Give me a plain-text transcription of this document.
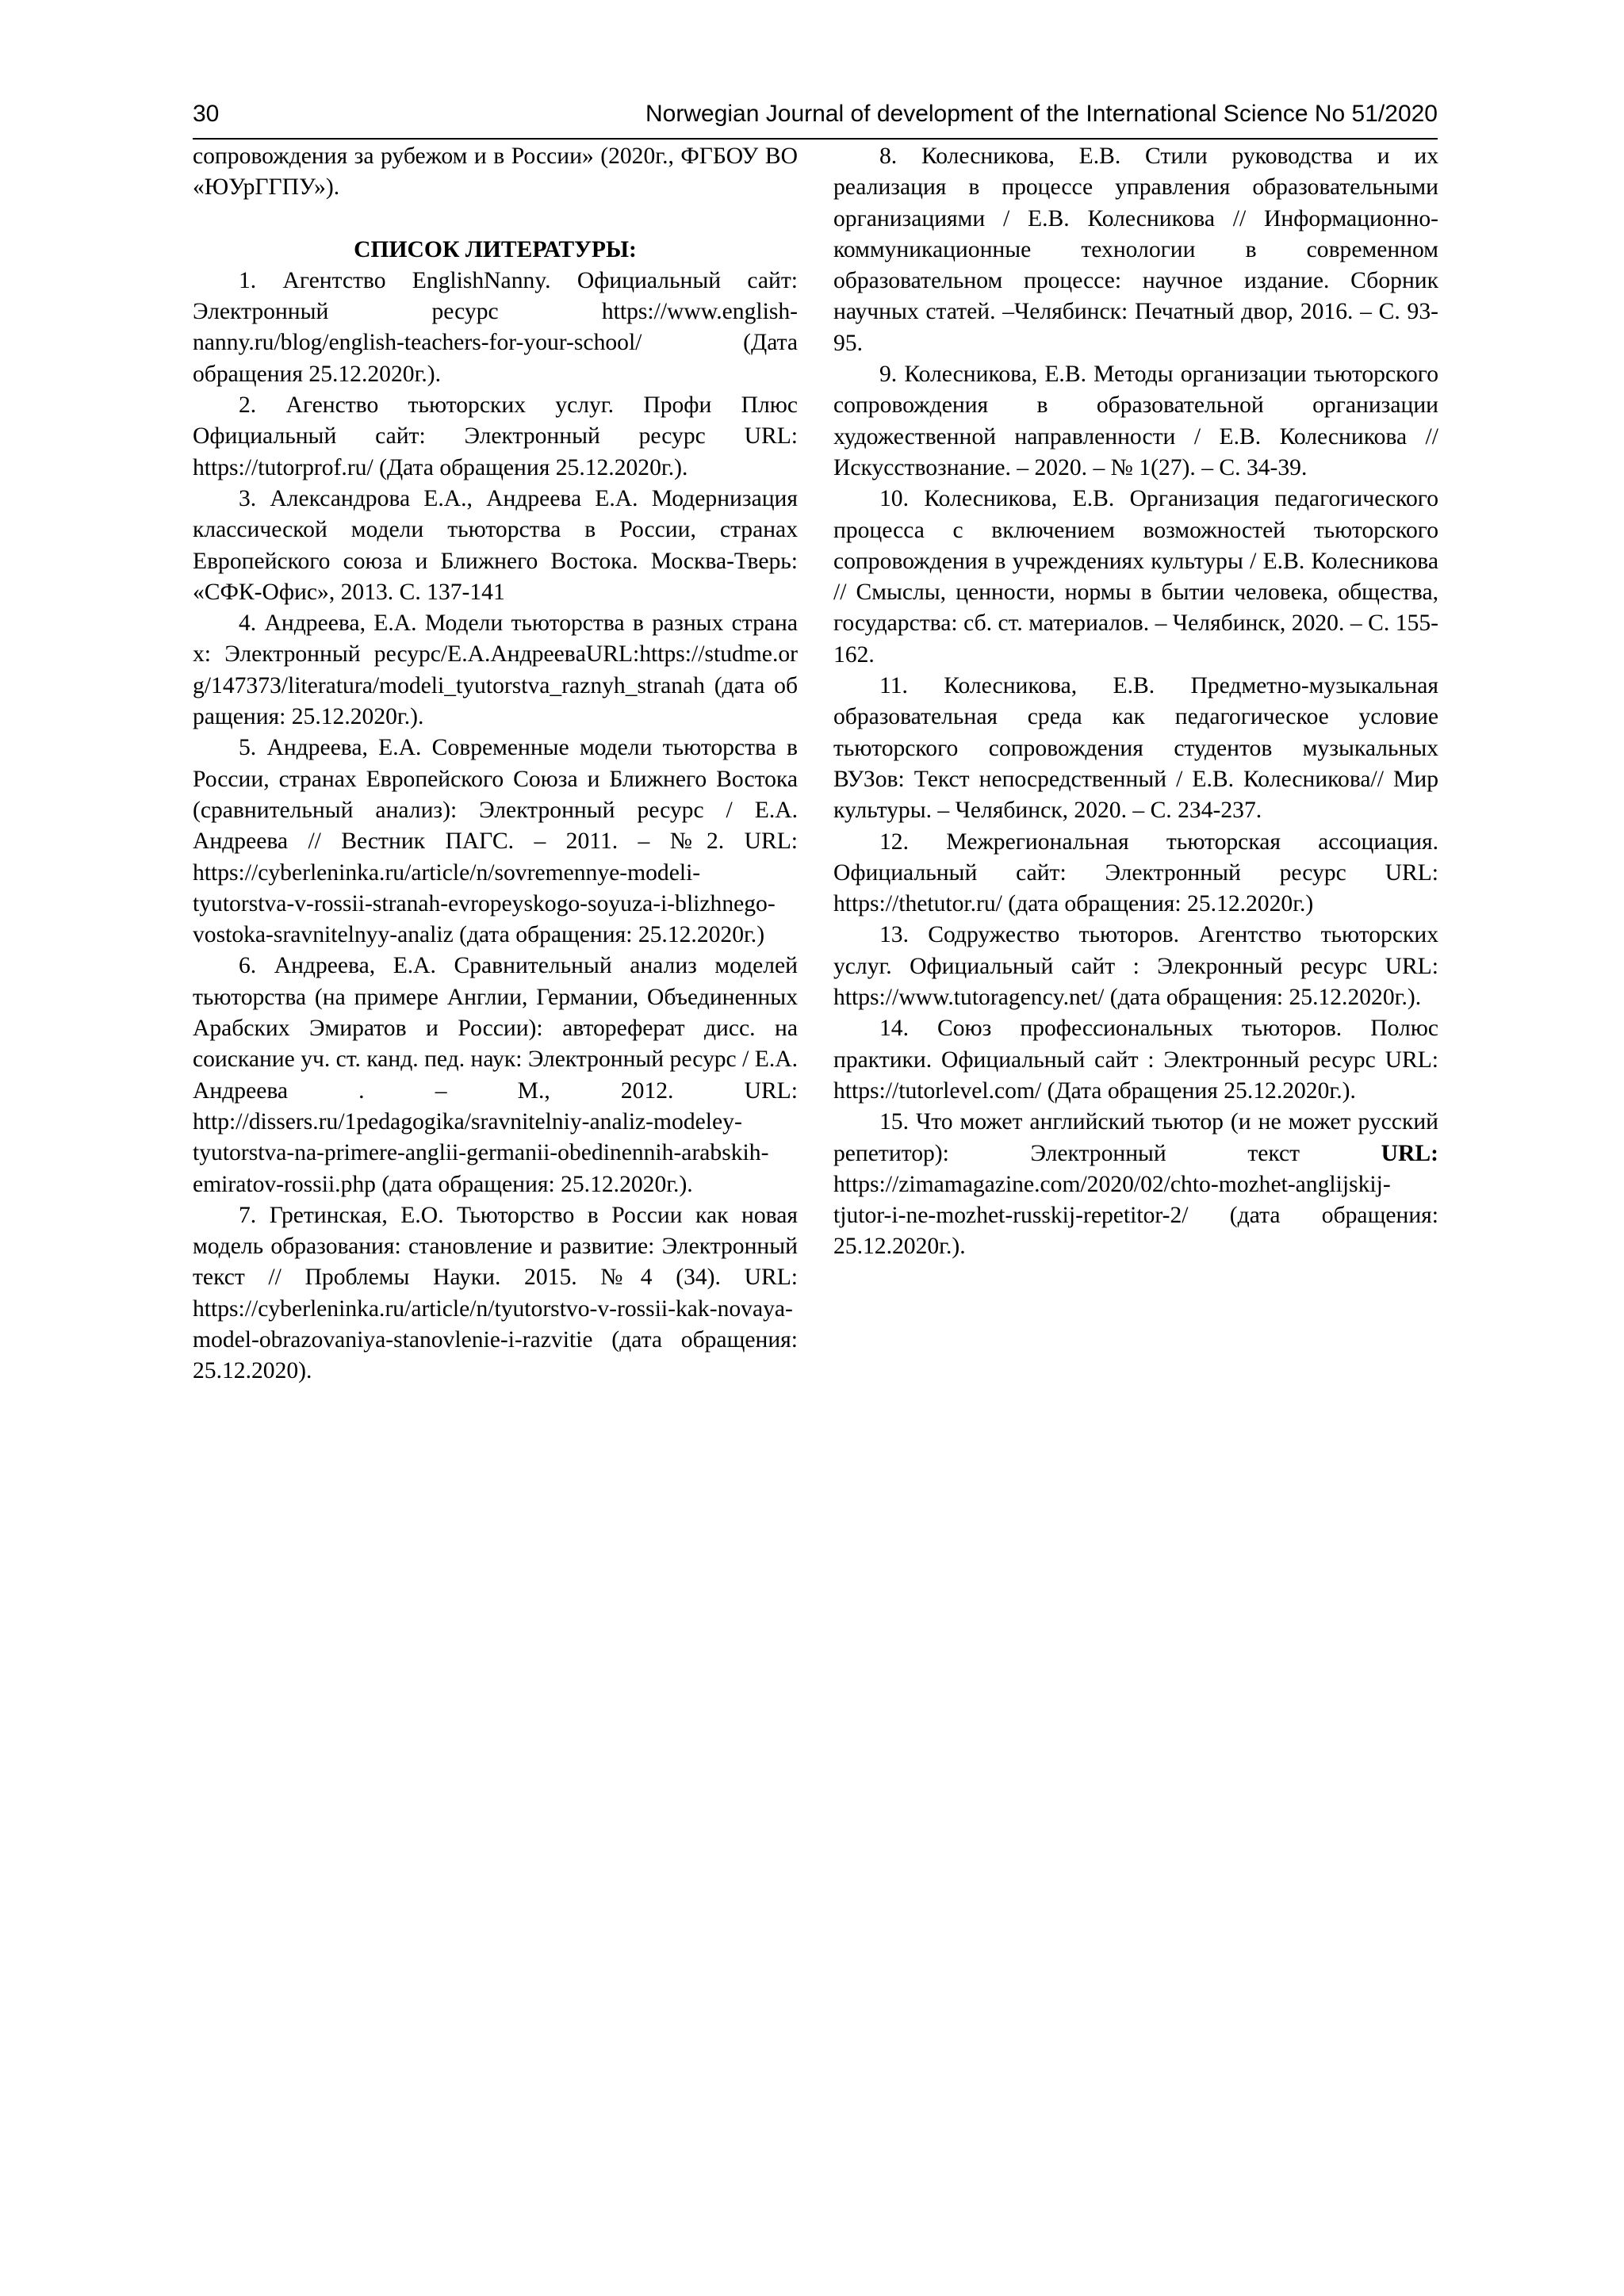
30	Norwegian Journal of development of the International Science No 51/2020

сопровождения за рубежом и в России» (2020г., ФГБОУ ВО «ЮУрГГПУ»).

СПИСОК ЛИТЕРАТУРЫ:

1. Агентство EnglishNanny. Официальный сайт: Электронный ресурс https://www.english-nanny.ru/blog/english-teachers-for-your-school/ (Дата обращения 25.12.2020г.).

2. Агенство тьюторских услуг. Профи Плюс Официальный сайт: Электронный ресурс URL: https://tutorprof.ru/ (Дата обращения 25.12.2020г.).

3. Александрова Е.А., Андреева Е.А. Модернизация классической модели тьюторства в России, странах Европейского союза и Ближнего Востока. Москва-Тверь: «СФК-Офис», 2013. С. 137-141

4. Андреева, Е.А. Модели тьюторства в разных странах: Электронный ресурс/Е.А.АндреевaURL:https://studme.org/147373/literatura/modeli_tyutorstva_raznyh_stranah (дата обращения: 25.12.2020г.).

5. Андреева, Е.А. Современные модели тьюторства в России, странах Европейского Союза и Ближнего Востока (сравнительный анализ): Электронный ресурс / Е.А. Андреева // Вестник ПАГС. – 2011. – №2. URL: https://cyberleninka.ru/article/n/sovremennye-modeli-tyutorstva-v-rossii-stranah-evropeyskogo-soyuza-i-blizhnego-vostoka-sravnitelnyy-analiz (дата обращения: 25.12.2020г.)

6. Андреева, Е.А. Сравнительный анализ моделей тьюторства (на примере Англии, Германии, Объединенных Арабских Эмиратов и России): автореферат дисс. на соискание уч. ст. канд. пед. наук: Электронный ресурс / Е.А. Андреева . – М., 2012. URL: http://dissers.ru/1pedagogika/sravnitelniy-analiz-modeley-tyutorstva-na-primere-anglii-germanii-obedinennih-arabskih-emiratov-rossii.php (дата обращения: 25.12.2020г.).

7. Гретинская, Е.О. Тьюторство в России как новая модель образования: становление и развитие: Электронный текст // Проблемы Науки. 2015. №4 (34). URL: https://cyberleninka.ru/article/n/tyutorstvo-v-rossii-kak-novaya-model-obrazovaniya-stanovlenie-i-razvitie (дата обращения: 25.12.2020).

8. Колесникова, Е.В. Стили руководства и их реализация в процессе управления образовательными организациями / Е.В. Колесникова // Информационно-коммуникационные технологии в современном образовательном процессе: научное издание. Сборник научных статей. –Челябинск: Печатный двор, 2016. – С. 93-95.

9. Колесникова, Е.В. Методы организации тьюторского сопровождения в образовательной организации художественной направленности / Е.В. Колесникова // Искусствознание. – 2020. – № 1(27). – С. 34-39.

10. Колесникова, Е.В. Организация педагогического процесса с включением возможностей тьюторского сопровождения в учреждениях культуры / Е.В. Колесникова // Смыслы, ценности, нормы в бытии человека, общества, государства: сб. ст. материалов. – Челябинск, 2020. – С. 155-162.

11. Колесникова, Е.В. Предметно-музыкальная образовательная среда как педагогическое условие тьюторского сопровождения студентов музыкальных ВУЗов: Текст непосредственный / Е.В. Колесникова// Мир культуры. – Челябинск, 2020. – С. 234-237.

12. Межрегиональная тьюторская ассоциация. Официальный сайт: Электронный ресурс URL: https://thetutor.ru/ (дата обращения: 25.12.2020г.)

13. Содружество тьюторов. Агентство тьюторских услуг. Официальный сайт : Элекронный ресурс URL: https://www.tutoragency.net/ (дата обращения: 25.12.2020г.).

14. Союз профессиональных тьюторов. Полюс практики. Официальный сайт : Электронный ресурс URL: https://tutorlevel.com/ (Дата обращения 25.12.2020г.).

15. Что может английский тьютор (и не может русский репетитор): Электронный текст URL: https://zimamagazine.com/2020/02/chto-mozhet-anglijskij-tjutor-i-ne-mozhet-russkij-repetitor-2/ (дата обращения: 25.12.2020г.).
